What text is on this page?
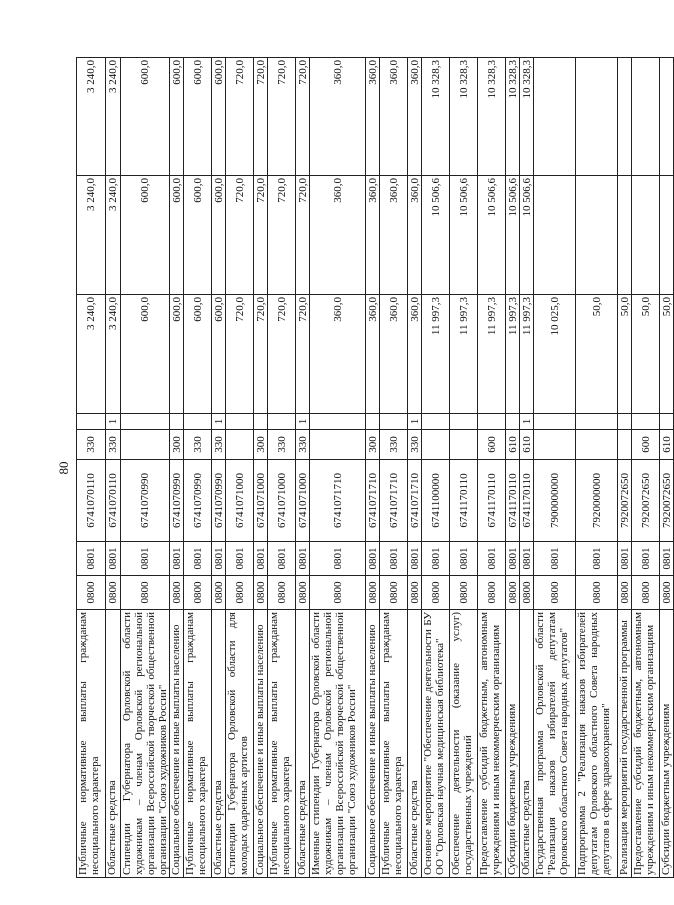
80
Публичные нормативные выплаты гражданам несоциального характера	0800	0801	6741070110	330		3 240,0	3 240,0	3 240,0
Областные средства	0800	0801	6741070110	330	1	3 240,0	3 240,0	3 240,0
Стипендии Губернатора Орловской области художникам – членам Орловской региональной организации Всероссийской творческой общественной организации "Союз художников России"	0800	0801	6741070990			600,0	600,0	600,0
Социальное обеспечение и иные выплаты населению	0800	0801	6741070990	300		600,0	600,0	600,0
Публичные нормативные выплаты гражданам несоциального характера	0800	0801	6741070990	330		600,0	600,0	600,0
Областные средства	0800	0801	6741070990	330	1	600,0	600,0	600,0
Стипендии Губернатора Орловской области для молодых одаренных артистов	0800	0801	6741071000			720,0	720,0	720,0
Социальное обеспечение и иные выплаты населению	0800	0801	6741071000	300		720,0	720,0	720,0
Публичные нормативные выплаты гражданам несоциального характера	0800	0801	6741071000	330		720,0	720,0	720,0
Областные средства	0800	0801	6741071000	330	1	720,0	720,0	720,0
Именные стипендии Губернатора Орловской области художникам – членам Орловской региональной организации Всероссийской творческой общественной организации "Союз художников России"	0800	0801	6741071710			360,0	360,0	360,0
Социальное обеспечение и иные выплаты населению	0800	0801	6741071710	300		360,0	360,0	360,0
Публичные нормативные выплаты гражданам несоциального характера	0800	0801	6741071710	330		360,0	360,0	360,0
Областные средства	0800	0801	6741071710	330	1	360,0	360,0	360,0
Основное мероприятие "Обеспечение деятельности БУ ОО "Орловская научная медицинская библиотека"	0800	0801	6741100000			11 997,3	10 506,6	10 328,3
Обеспечение деятельности (оказание услуг) государственных учреждений	0800	0801	6741170110			11 997,3	10 506,6	10 328,3
Предоставление субсидий бюджетным, автономным учреждениям и иным некоммерческим организациям	0800	0801	6741170110	600		11 997,3	10 506,6	10 328,3
Субсидии бюджетным учреждениям	0800	0801	6741170110	610		11 997,3	10 506,6	10 328,3
Областные средства	0800	0801	6741170110	610	1	11 997,3	10 506,6	10 328,3
Государственная программа Орловской области "Реализация наказов избирателей депутатам Орловского областного Совета народных депутатов"	0800	0801	7900000000			10 025,0		
Подпрограмма 2 "Реализация наказов избирателей депутатам Орловского областного Совета народных депутатов в сфере здравоохранения"	0800	0801	7920000000			50,0		
Реализация мероприятий государственной программы	0800	0801	7920072650			50,0		
Предоставление субсидий бюджетным, автономным учреждениям и иным некоммерческим организациям	0800	0801	7920072650	600		50,0		
Субсидии бюджетным учреждениям	0800	0801	7920072650	610		50,0		
